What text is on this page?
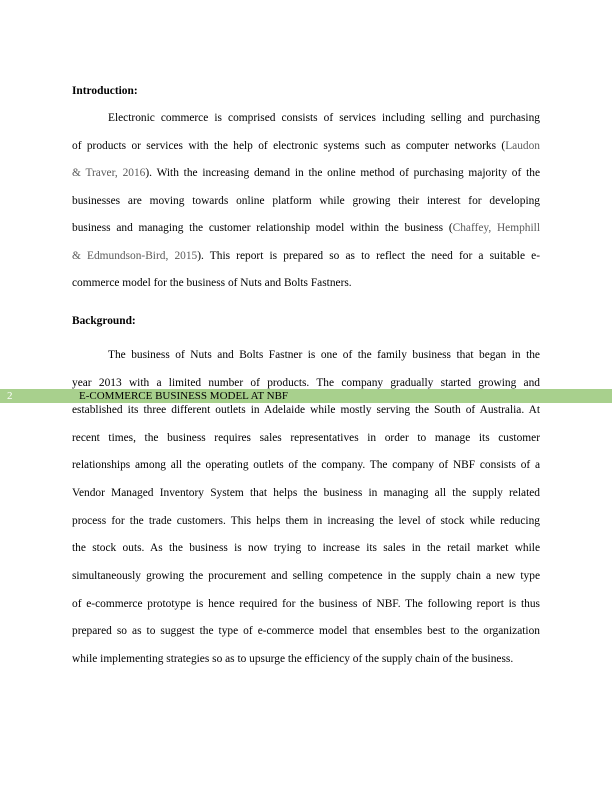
Introduction:
Electronic commerce is comprised consists of services including selling and purchasing
of products or services with the help of electronic systems such as computer networks (Laudon
& Traver, 2016). With the increasing demand in the online method of purchasing majority of the
businesses are moving towards online platform while growing their interest for developing
business and managing the customer relationship model within the business (Chaffey, Hemphill
& Edmundson-Bird, 2015). This report is prepared so as to reflect the need for a suitable e-
commerce model for the business of Nuts and Bolts Fastners.
Background:
The business of Nuts and Bolts Fastner is one of the family business that began in the
year 2013 with a limited number of products. The company gradually started growing and
established its three different outlets in Adelaide while mostly serving the South of Australia. At
recent times, the business requires sales representatives in order to manage its customer
relationships among all the operating outlets of the company. The company of NBF consists of a
Vendor Managed Inventory System that helps the business in managing all the supply related
process for the trade customers. This helps them in increasing the level of stock while reducing
the stock outs. As the business is now trying to increase its sales in the retail market while
simultaneously growing the procurement and selling competence in the supply chain a new type
of e-commerce prototype is hence required for the business of NBF. The following report is thus
prepared so as to suggest the type of e-commerce model that ensembles best to the organization
while implementing strategies so as to upsurge the efficiency of the supply chain of the business.
2	E-COMMERCE BUSINESS MODEL AT NBF
